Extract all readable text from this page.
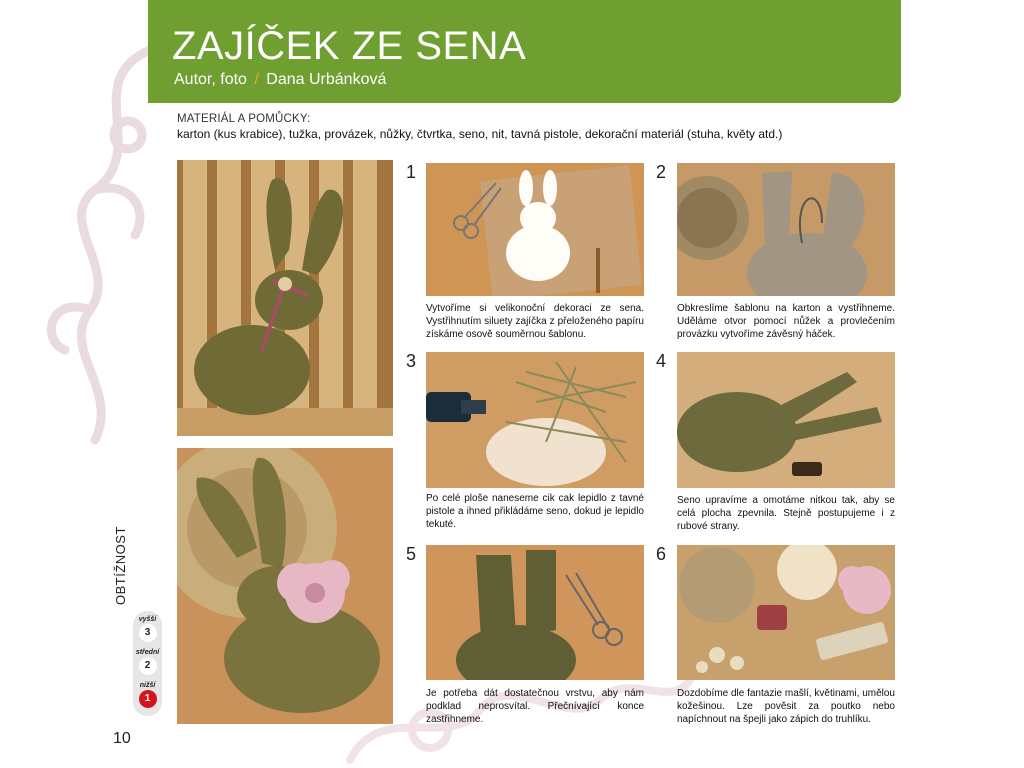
ZAJÍČEK ZE SENA
Autor, foto / Dana Urbánková
MATERIÁL A POMŮCKY:
karton (kus krabice), tužka, provázek, nůžky, čtvrtka, seno, nit, tavná pistole, dekorační materiál (stuha, květy atd.)
1	2
3	4
5	6
Vytvoříme si velikonoční dekoraci ze sena. Vystřihnutím siluety zajíčka z přeloženého papíru získáme osově souměrnou šablonu.
Obkreslíme šablonu na karton a vystřihneme. Uděláme otvor pomocí nůžek a provlečením provázku vytvoříme závěsný háček.
Po celé ploše naneseme cik cak lepidlo z tavné pistole a ihned přikládáme seno, dokud je lepidlo tekuté.
Seno upravíme a omotáme nitkou tak, aby se celá plocha zpevnila. Stejně postupujeme i z rubové strany.
Je potřeba dát dostatečnou vrstvu, aby nám podklad neprosvítal. Přečnívající konce zastřihneme.
Dozdobíme dle fantazie mašlí, květinami, umělou kožešinou. Lze pověsit za poutko nebo napíchnout na špejli jako zápich do truhlíku.
OBTÍŽNOST
vyšší
3
střední
2
nižší
1
10
